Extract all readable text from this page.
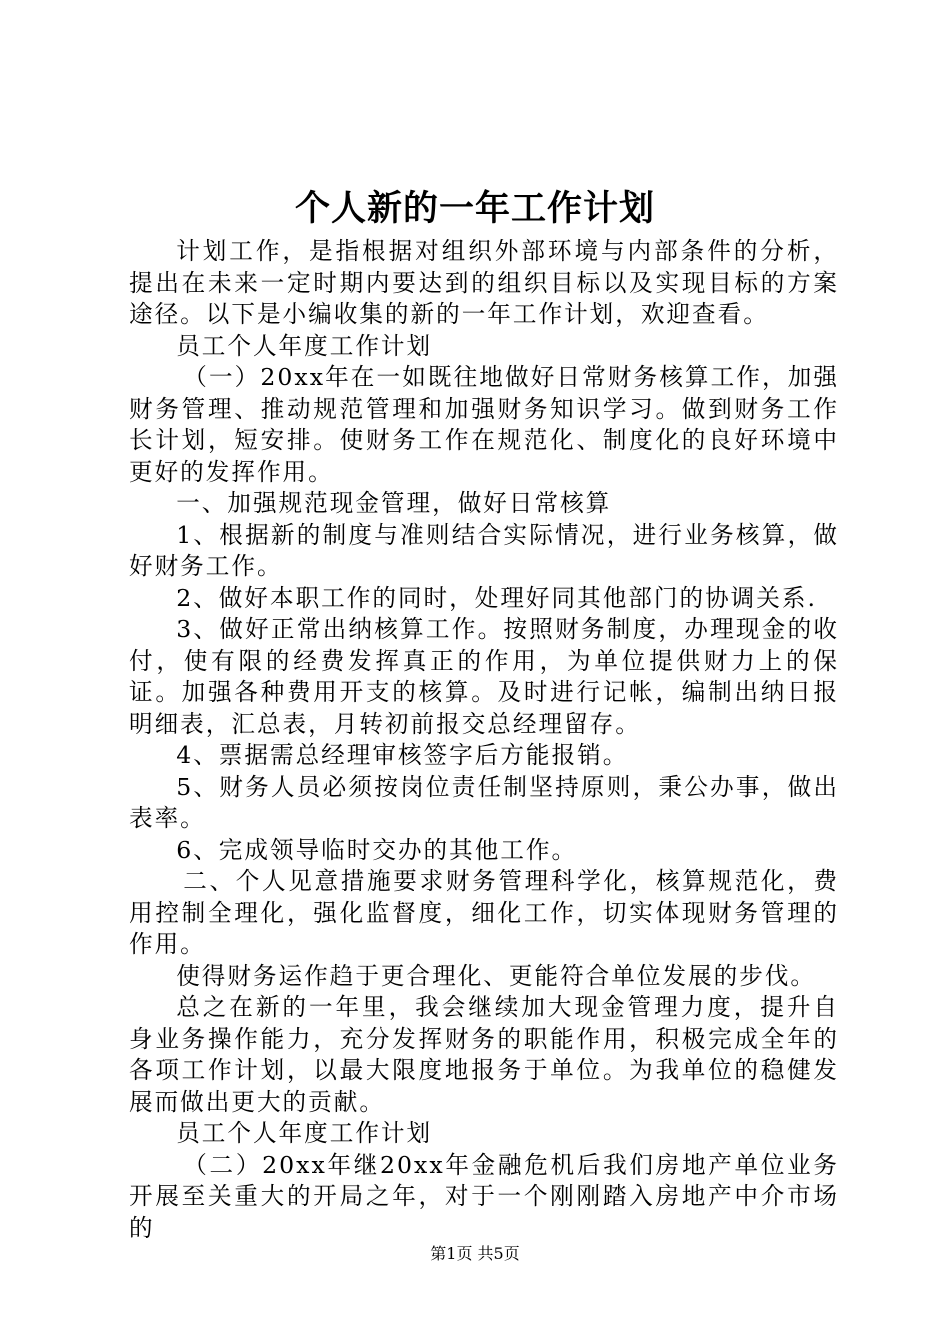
个人新的一年工作计划

计划工作，是指根据对组织外部环境与内部条件的分析，提出在未来一定时期内要达到的组织目标以及实现目标的方案途径。以下是小编收集的新的一年工作计划，欢迎查看。

员工个人年度工作计划

（一）20xx年在一如既往地做好日常财务核算工作，加强财务管理、推动规范管理和加强财务知识学习。做到财务工作长计划，短安排。使财务工作在规范化、制度化的良好环境中更好的发挥作用。

一、加强规范现金管理，做好日常核算

1、根据新的制度与准则结合实际情况，进行业务核算，做好财务工作。

2、做好本职工作的同时，处理好同其他部门的协调关系.

3、做好正常出纳核算工作。按照财务制度，办理现金的收付，使有限的经费发挥真正的作用，为单位提供财力上的保证。加强各种费用开支的核算。及时进行记帐，编制出纳日报明细表，汇总表，月转初前报交总经理留存。

4、票据需总经理审核签字后方能报销。

5、财务人员必须按岗位责任制坚持原则，秉公办事，做出表率。

6、完成领导临时交办的其他工作。

二、个人见意措施要求财务管理科学化，核算规范化，费用控制全理化，强化监督度，细化工作，切实体现财务管理的作用。

使得财务运作趋于更合理化、更能符合单位发展的步伐。

总之在新的一年里，我会继续加大现金管理力度，提升自身业务操作能力，充分发挥财务的职能作用，积极完成全年的各项工作计划，以最大限度地报务于单位。为我单位的稳健发展而做出更大的贡献。

员工个人年度工作计划

（二）20xx年继20xx年金融危机后我们房地产单位业务开展至关重大的开局之年，对于一个刚刚踏入房地产中介市场的

第1页 共5页
